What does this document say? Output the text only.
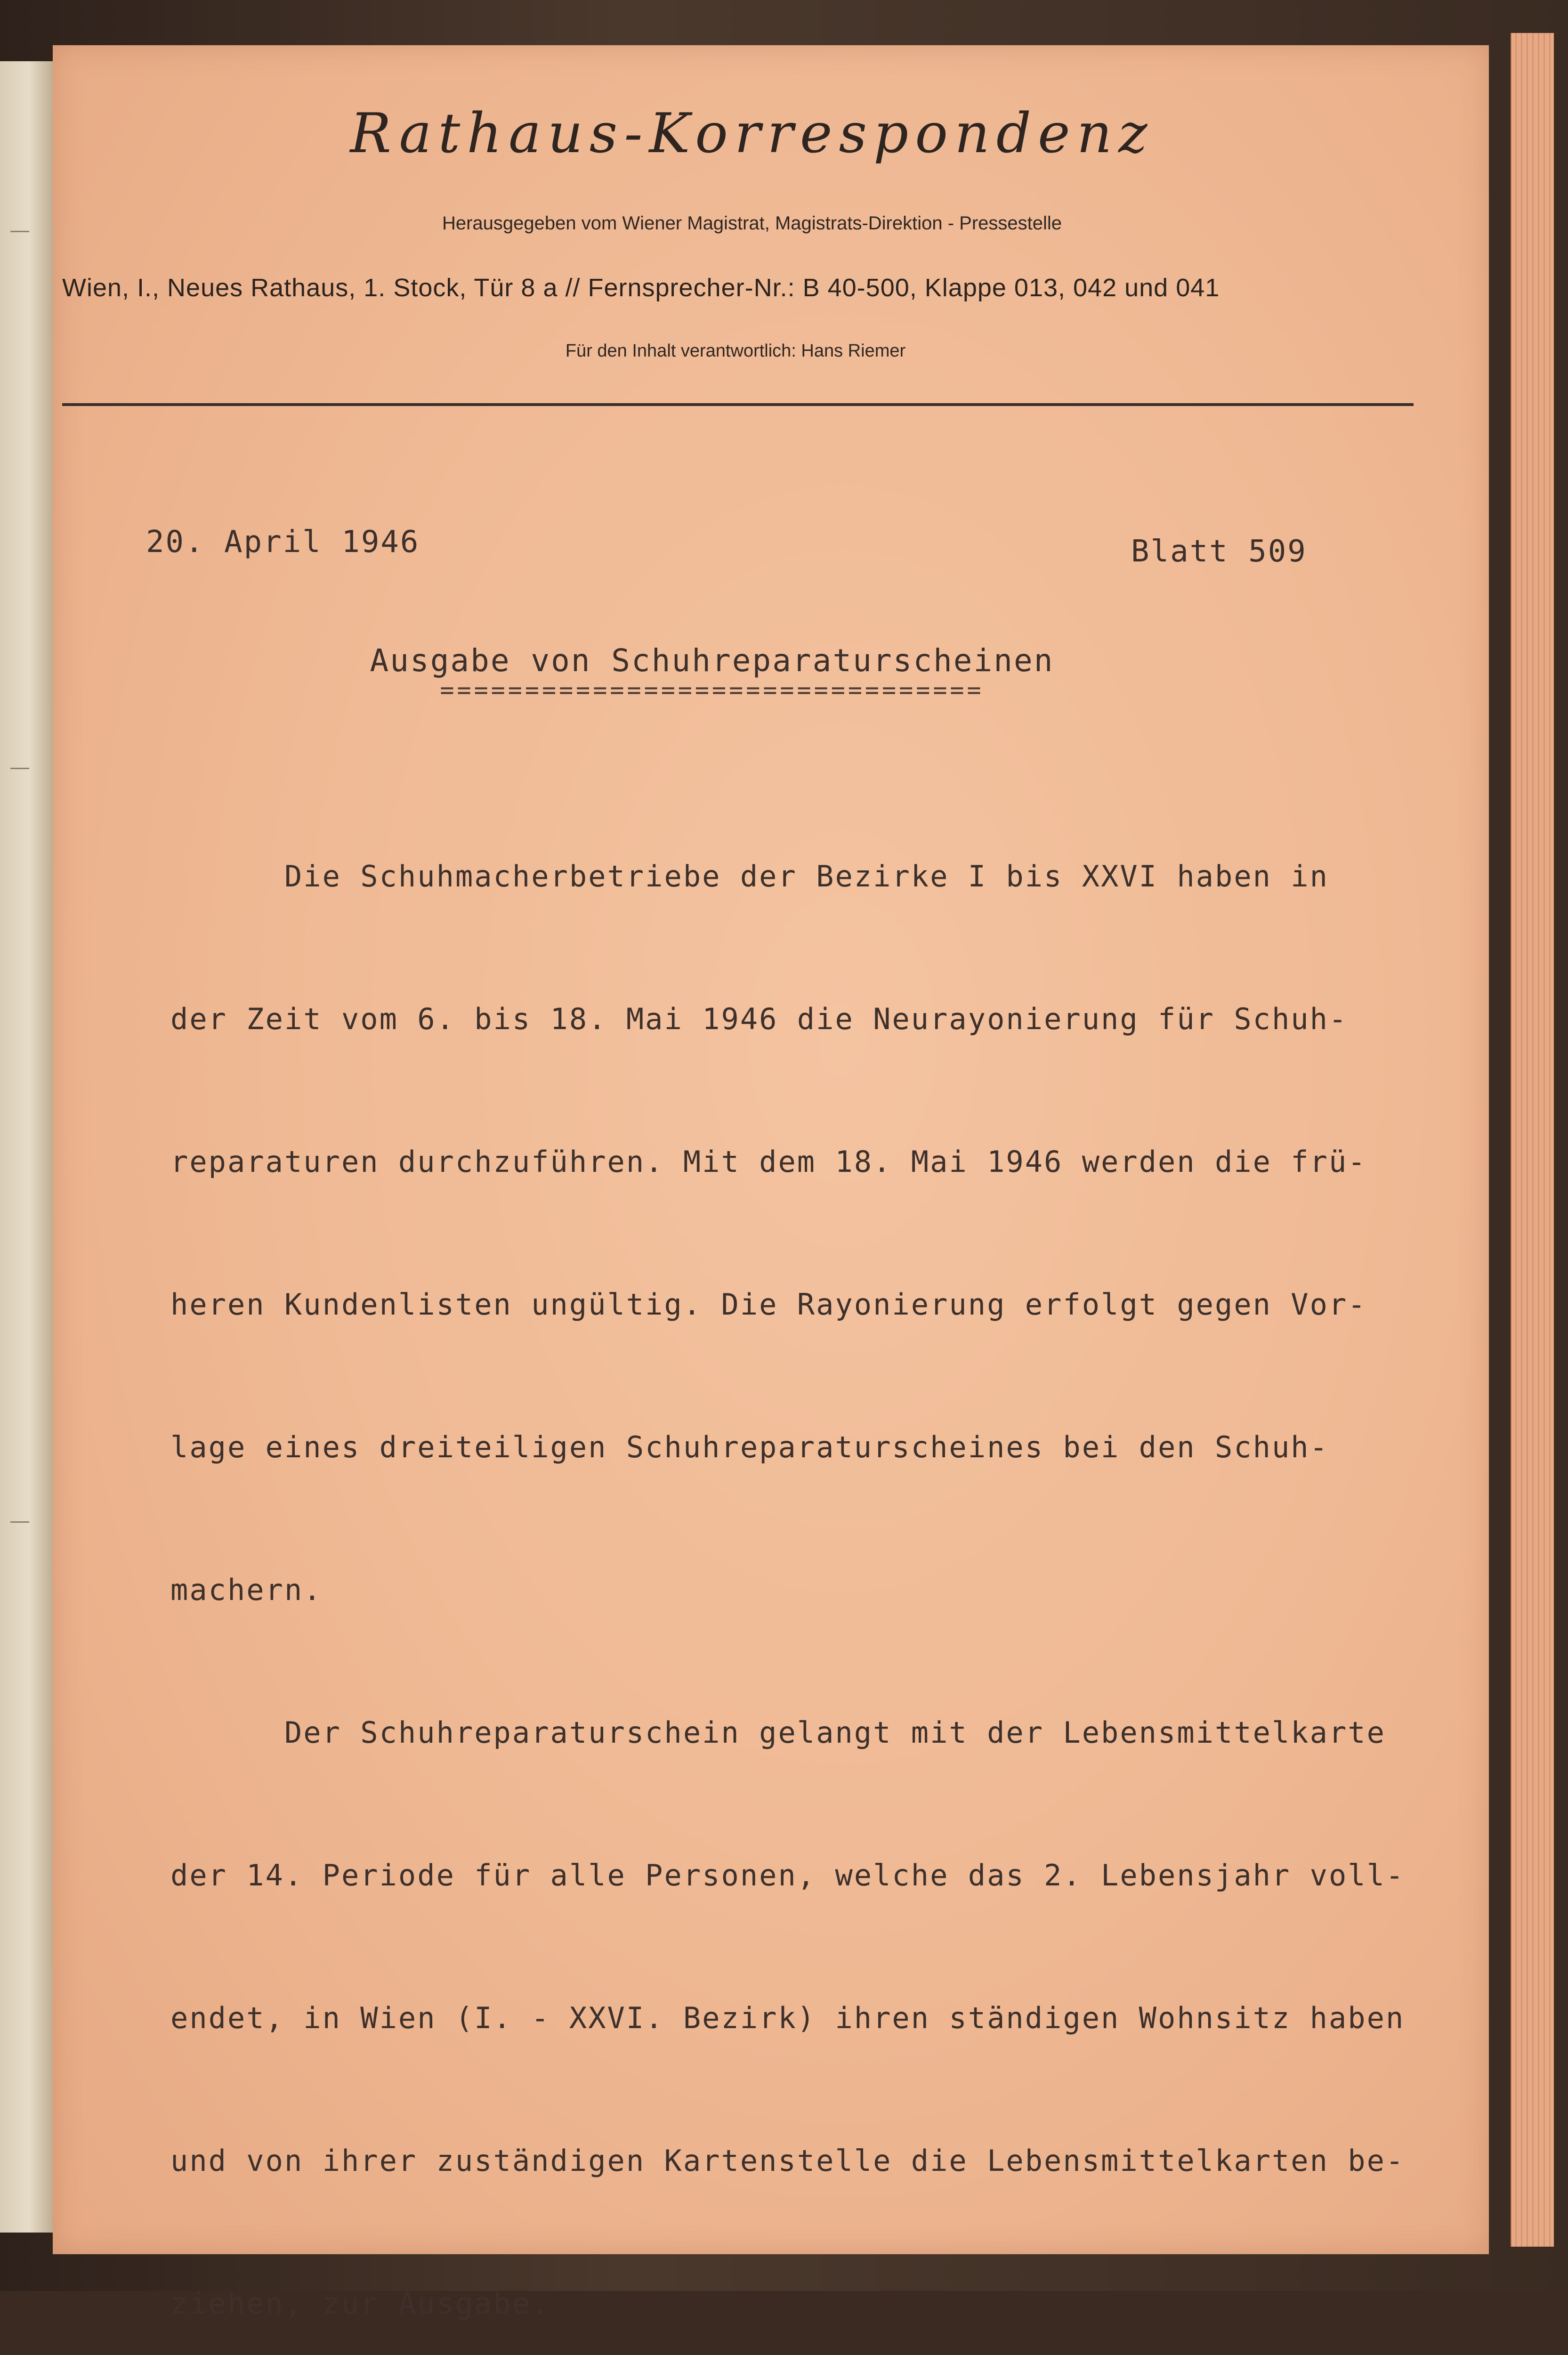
Rathaus-Korrespondenz
Herausgegeben vom Wiener Magistrat, Magistrats-Direktion - Pressestelle
Wien, I., Neues Rathaus, 1. Stock, Tür 8 a // Fernsprecher-Nr.: B 40-500, Klappe 013, 042 und 041
Für den Inhalt verantwortlich: Hans Riemer
20. April 1946	Blatt 509
Ausgabe von Schuhreparaturscheinen
================================

Die Schuhmacherbetriebe der Bezirke I bis XXVI haben in

der Zeit vom 6. bis 18. Mai 1946 die Neurayonierung für Schuh-

reparaturen durchzuführen. Mit dem 18. Mai 1946 werden die frü-

heren Kundenlisten ungültig. Die Rayonierung erfolgt gegen Vor-

lage eines dreiteiligen Schuhreparaturscheines bei den Schuh-

machern.

Der Schuhreparaturschein gelangt mit der Lebensmittelkarte

der 14. Periode für alle Personen, welche das 2. Lebensjahr voll-

endet, in Wien (I. - XXVI. Bezirk) ihren ständigen Wohnsitz haben

und von ihrer zuständigen Kartenstelle die Lebensmittelkarten be-

ziehen, zur Ausgabe.
